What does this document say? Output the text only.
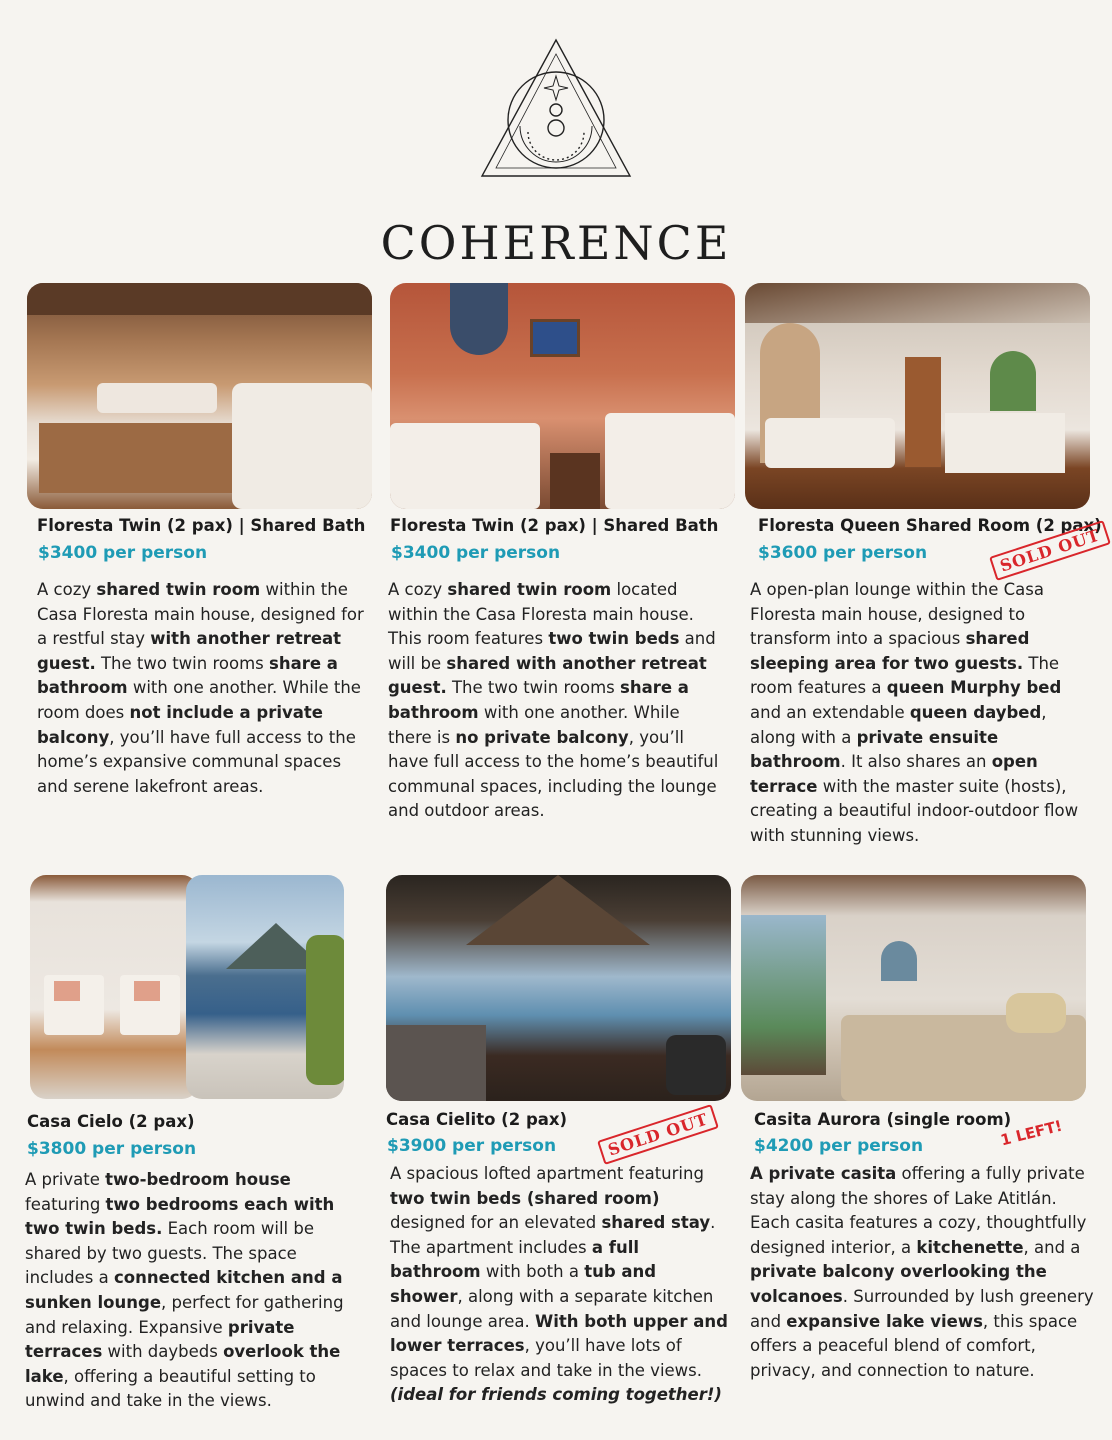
COHERENCE
Floresta Twin (2 pax) | Shared Bath
$3400 per person
A cozy shared twin room within the Casa Floresta main house, designed for a restful stay with another retreat guest. The two twin rooms share a bathroom with one another. While the room does not include a private balcony, you’ll have full access to the home’s expansive communal spaces and serene lakefront areas.
Floresta Twin (2 pax) | Shared Bath
$3400 per person
A cozy shared twin room located within the Casa Floresta main house. This room features two twin beds and will be shared with another retreat guest. The two twin rooms share a bathroom with one another. While there is no private balcony, you’ll have full access to the home’s beautiful communal spaces, including the lounge and outdoor areas.
Floresta Queen Shared Room (2 pax)
$3600 per person	SOLD OUT
A open-plan lounge within the Casa Floresta main house, designed to transform into a spacious shared sleeping area for two guests. The room features a queen Murphy bed and an extendable queen daybed, along with a private ensuite bathroom. It also shares an open terrace with the master suite (hosts), creating a beautiful indoor-outdoor flow with stunning views.
Casa Cielo (2 pax)
$3800 per person
A private two-bedroom house featuring two bedrooms each with two twin beds. Each room will be shared by two guests. The space includes a connected kitchen and a sunken lounge, perfect for gathering and relaxing. Expansive private terraces with daybeds overlook the lake, offering a beautiful setting to unwind and take in the views.
Casa Cielito (2 pax)
$3900 per person	SOLD OUT
A spacious lofted apartment featuring two twin beds (shared room) designed for an elevated shared stay. The apartment includes a full bathroom with both a tub and shower, along with a separate kitchen and lounge area. With both upper and lower terraces, you’ll have lots of spaces to relax and take in the views. (ideal for friends coming together!)
Casita Aurora (single room)
$4200 per person	1 LEFT!
A private casita offering a fully private stay along the shores of Lake Atitlán. Each casita features a cozy, thoughtfully designed interior, a kitchenette, and a private balcony overlooking the volcanoes. Surrounded by lush greenery and expansive lake views, this space offers a peaceful blend of comfort, privacy, and connection to nature.
